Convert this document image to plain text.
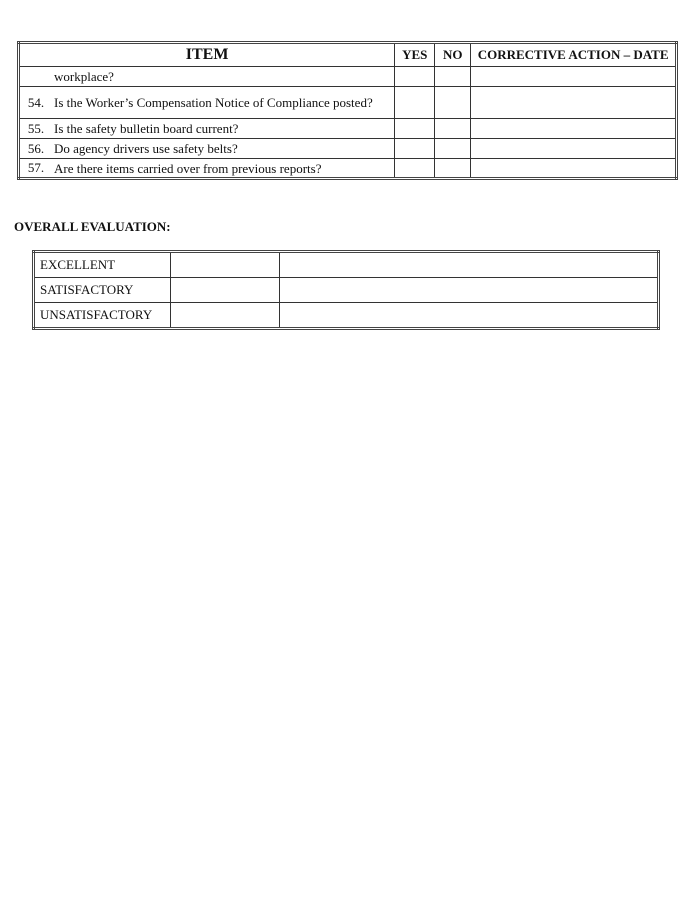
ITEM		YES	NO	CORRECTIVE ACTION – DATE
	workplace?			
54.	Is the Worker’s Compensation Notice of Compliance posted?			
55.	Is the safety bulletin board current?			
56.	Do agency drivers use safety belts?			
57.	Are there items carried over from previous reports?			
OVERALL EVALUATION:
EXCELLENT		
SATISFACTORY		
UNSATISFACTORY		
